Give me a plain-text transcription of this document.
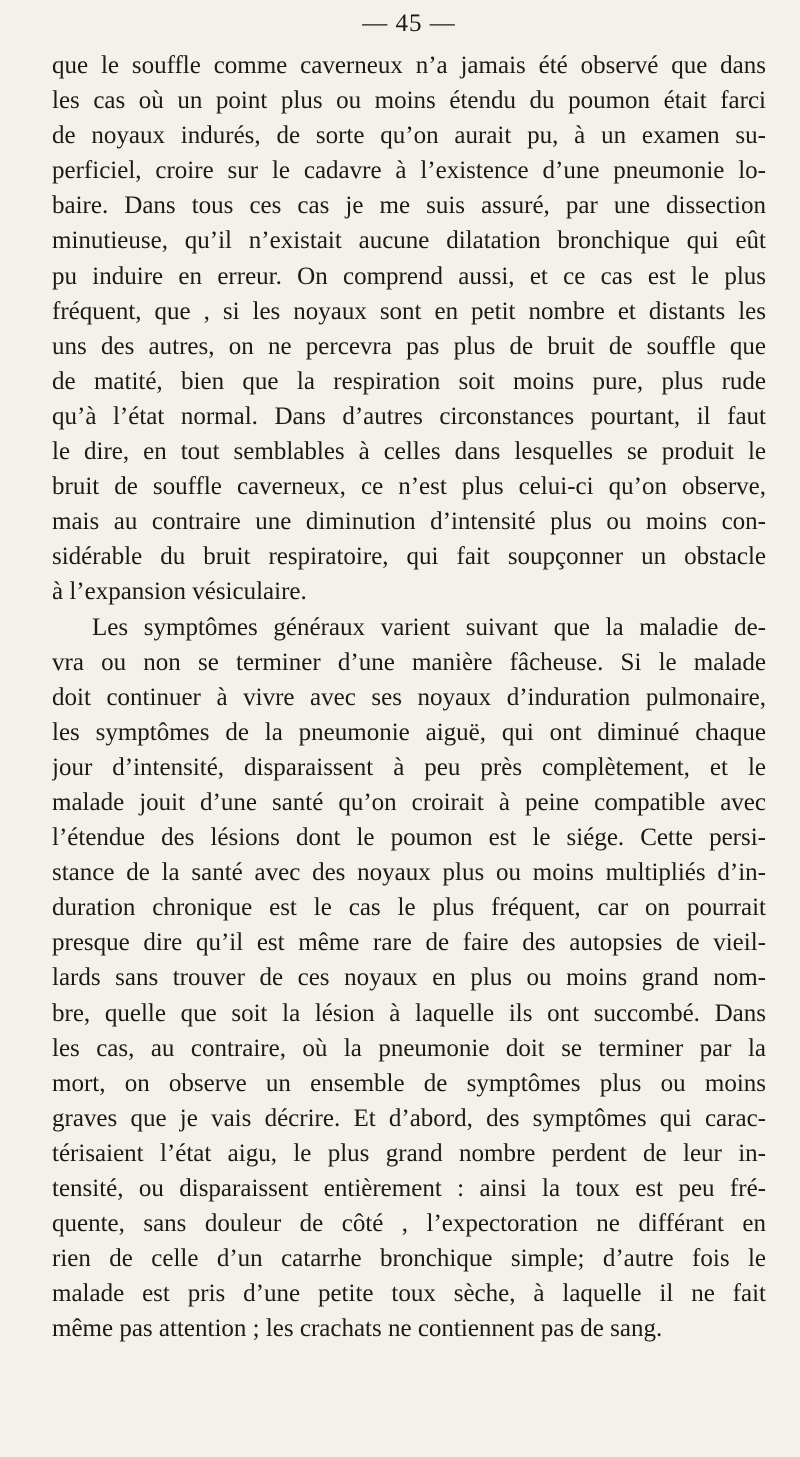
— 45 —
que le souffle comme caverneux n’a jamais été observé que dans
les cas où un point plus ou moins étendu du poumon était farci
de noyaux indurés, de sorte qu’on aurait pu, à un examen su-
perficiel, croire sur le cadavre à l’existence d’une pneumonie lo-
baire. Dans tous ces cas je me suis assuré, par une dissection
minutieuse, qu’il n’existait aucune dilatation bronchique qui eût
pu induire en erreur. On comprend aussi, et ce cas est le plus
fréquent, que , si les noyaux sont en petit nombre et distants les
uns des autres, on ne percevra pas plus de bruit de souffle que
de matité, bien que la respiration soit moins pure, plus rude
qu’à l’état normal. Dans d’autres circonstances pourtant, il faut
le dire, en tout semblables à celles dans lesquelles se produit le
bruit de souffle caverneux, ce n’est plus celui-ci qu’on observe,
mais au contraire une diminution d’intensité plus ou moins con-
sidérable du bruit respiratoire, qui fait soupçonner un obstacle
à l’expansion vésiculaire.
Les symptômes généraux varient suivant que la maladie de-
vra ou non se terminer d’une manière fâcheuse. Si le malade
doit continuer à vivre avec ses noyaux d’induration pulmonaire,
les symptômes de la pneumonie aiguë, qui ont diminué chaque
jour d’intensité, disparaissent à peu près complètement, et le
malade jouit d’une santé qu’on croirait à peine compatible avec
l’étendue des lésions dont le poumon est le siége. Cette persi-
stance de la santé avec des noyaux plus ou moins multipliés d’in-
duration chronique est le cas le plus fréquent, car on pourrait
presque dire qu’il est même rare de faire des autopsies de vieil-
lards sans trouver de ces noyaux en plus ou moins grand nom-
bre, quelle que soit la lésion à laquelle ils ont succombé. Dans
les cas, au contraire, où la pneumonie doit se terminer par la
mort, on observe un ensemble de symptômes plus ou moins
graves que je vais décrire. Et d’abord, des symptômes qui carac-
térisaient l’état aigu, le plus grand nombre perdent de leur in-
tensité, ou disparaissent entièrement : ainsi la toux est peu fré-
quente, sans douleur de côté , l’expectoration ne différant en
rien de celle d’un catarrhe bronchique simple; d’autre fois le
malade est pris d’une petite toux sèche, à laquelle il ne fait
même pas attention ; les crachats ne contiennent pas de sang.
